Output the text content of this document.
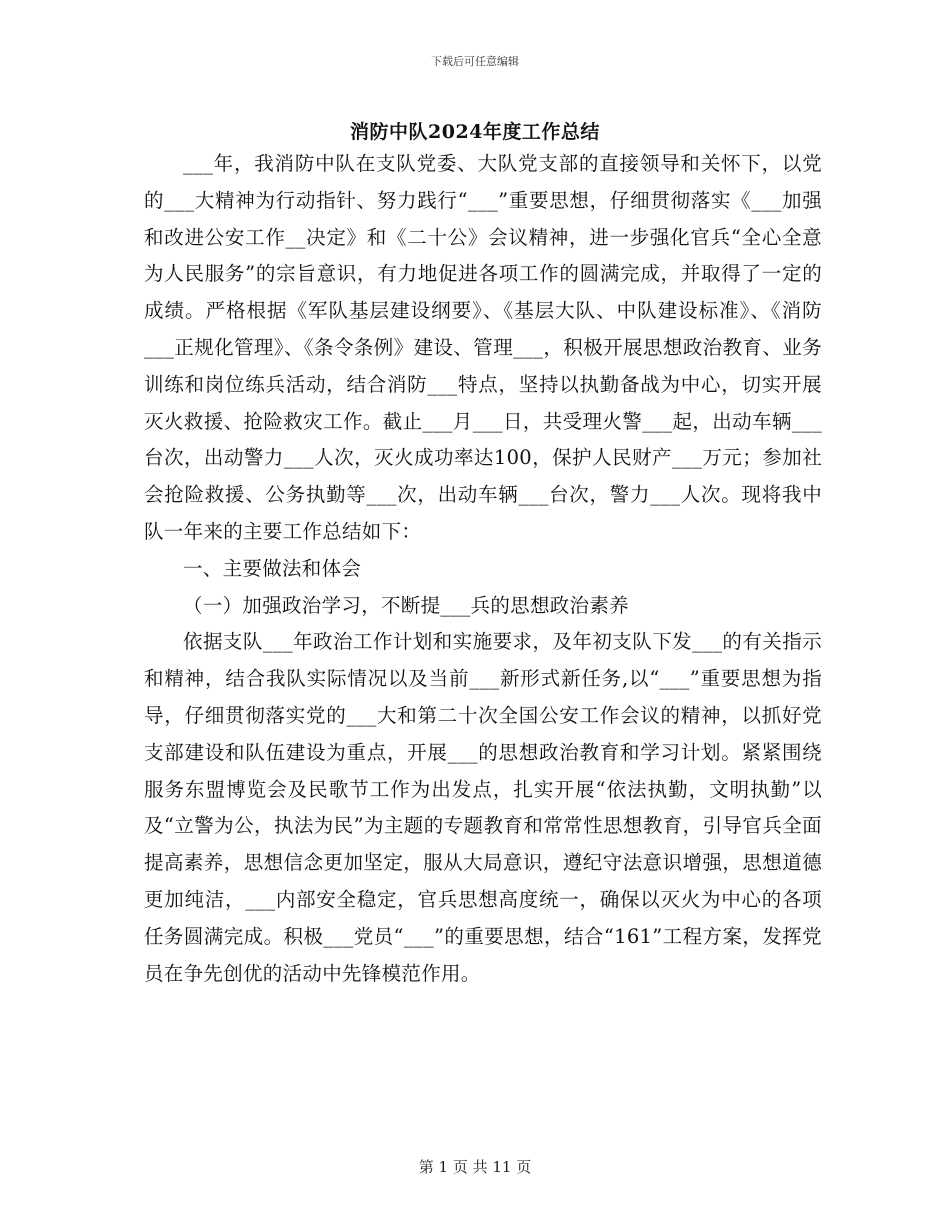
下载后可任意编辑
消防中队2024年度工作总结

___年，我消防中队在支队党委、大队党支部的直接领导和关怀下，以党的___大精神为行动指针、努力践行“___”重要思想，仔细贯彻落实《___加强和改进公安工作__决定》和《二十公》会议精神，进一步强化官兵“全心全意为人民服务”的宗旨意识，有力地促进各项工作的圆满完成，并取得了一定的成绩。严格根据《军队基层建设纲要》、《基层大队、中队建设标准》、《消防___正规化管理》、《条令条例》建设、管理___，积极开展思想政治教育、业务训练和岗位练兵活动，结合消防___特点，坚持以执勤备战为中心，切实开展灭火救援、抢险救灾工作。截止___月___日，共受理火警___起，出动车辆___台次，出动警力___人次，灭火成功率达100，保护人民财产___万元；参加社会抢险救援、公务执勤等___次，出动车辆___台次，警力___人次。现将我中队一年来的主要工作总结如下：

一、主要做法和体会

（一）加强政治学习，不断提___兵的思想政治素养

依据支队___年政治工作计划和实施要求，及年初支队下发___的有关指示和精神，结合我队实际情况以及当前___新形式新任务,以“___”重要思想为指导，仔细贯彻落实党的___大和第二十次全国公安工作会议的精神，以抓好党支部建设和队伍建设为重点，开展___的思想政治教育和学习计划。紧紧围绕服务东盟博览会及民歌节工作为出发点，扎实开展“依法执勤，文明执勤”以及“立警为公，执法为民”为主题的专题教育和常常性思想教育，引导官兵全面提高素养，思想信念更加坚定，服从大局意识，遵纪守法意识增强，思想道德更加纯洁，___内部安全稳定，官兵思想高度统一，确保以灭火为中心的各项任务圆满完成。积极___党员“___”的重要思想，结合“161”工程方案，发挥党员在争先创优的活动中先锋模范作用。

第 1 页 共 11 页
